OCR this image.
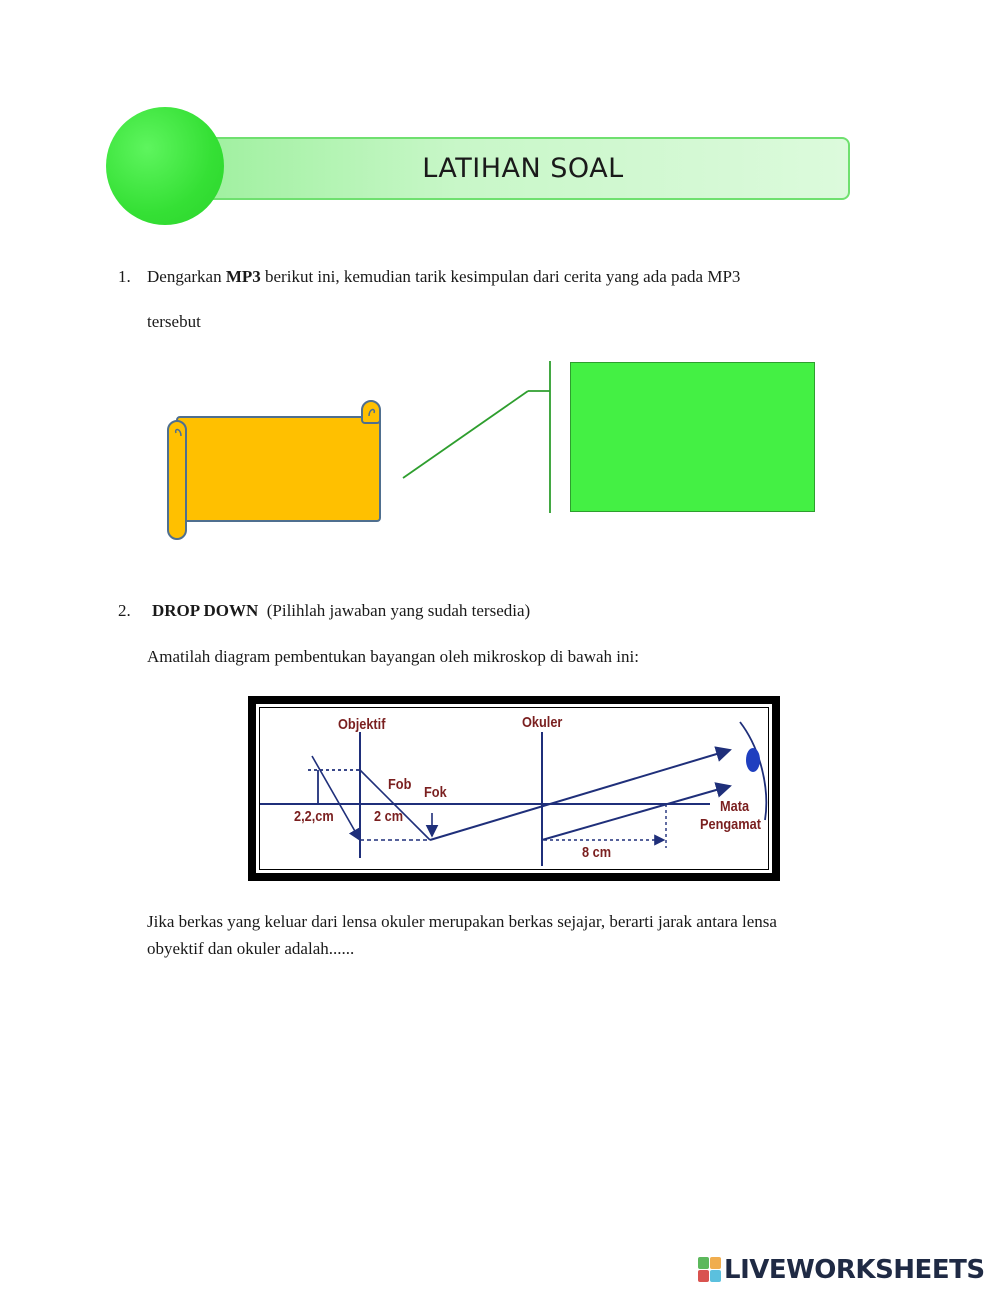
LATIHAN SOAL
1. Dengarkan MP3 berikut ini, kemudian tarik kesimpulan dari cerita yang ada pada MP3
tersebut
2. DROP DOWN (Pilihlah jawaban yang sudah tersedia)
Amatilah diagram pembentukan bayangan oleh mikroskop di bawah ini:
Objektif	Okuler
Fob Fok
2,2,cm	2 cm
8 cm
Mata
Pengamat
Jika berkas yang keluar dari lensa okuler merupakan berkas sejajar, berarti jarak antara lensa
obyektif dan okuler adalah......
LIVEWORKSHEETS
